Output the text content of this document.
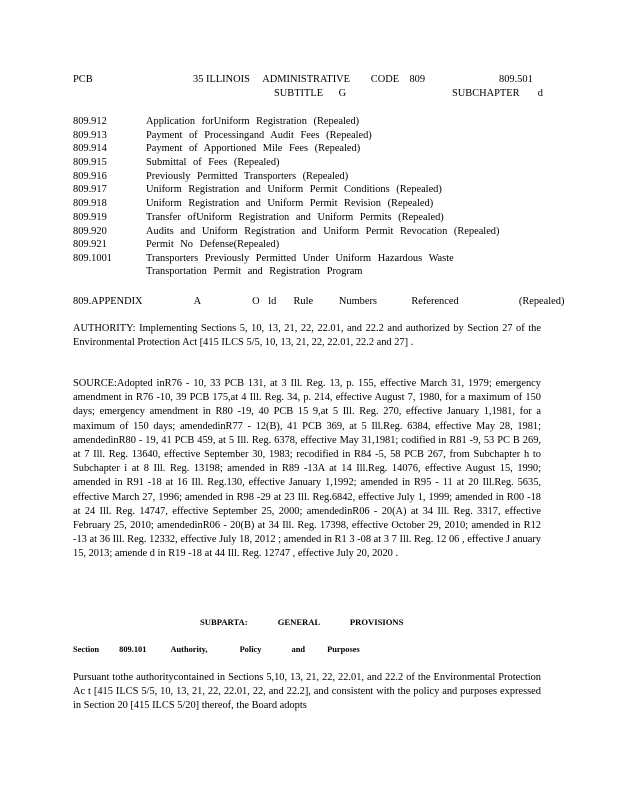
PCB	35 ILLINOIS     ADMINISTRATIVE        CODE    809	809.501
SUBTITLE      G	SUBCHAPTER       d
809.912	Application forUniform Registration (Repealed)
809.913	Payment of Processingand Audit Fees (Repealed)
809.914	Payment of Apportioned Mile Fees (Repealed)
809.915	Submittal of Fees (Repealed)
809.916	Previously Permitted Transporters (Repealed)
809.917	Uniform Registration and Uniform Permit Conditions (Repealed)
809.918	Uniform Registration and Uniform Permit Revision (Repealed)
809.919	Transfer ofUniform Registration and Uniform Permits (Repealed)
809.920	Audits and Uniform Registration and Uniform Permit Revocation (Repealed)
809.921	Permit No Defense(Repealed)
809.1001	Transporters Previously Permitted Under Uniform Hazardous Waste Transportation Permit and Registration Program
809.APPENDIX      A      O ld  Rule   Numbers    Referenced       (Repealed)
AUTHORITY: Implementing Sections 5, 10, 13, 21, 22, 22.01, and 22.2 and authorized by Section 27 of the Environmental Protection Act [415 ILCS 5/5, 10, 13, 21, 22, 22.01, 22.2 and 27] .
SOURCE:Adopted inR76 - 10, 33 PCB 131, at 3 Ill. Reg. 13, p. 155, effective March 31, 1979; emergency amendment in R76 -10, 39 PCB 175,at 4 Ill. Reg. 34, p. 214, effective August 7, 1980, for a maximum of 150 days; emergency amendment in R80 -19, 40 PCB 15 9,at 5 Ill. Reg. 270, effective January 1,1981, for a maximum of 150 days; amendedinR77 - 12(B), 41 PCB 369, at 5 Ill.Reg. 6384, effective May 28, 1981; amendedinR80 - 19, 41 PCB 459, at 5 Ill. Reg. 6378, effective May 31,1981; codified in R81 -9, 53 PC B 269, at 7 Ill. Reg. 13640, effective September 30, 1983; recodified in R84 -5, 58 PCB 267, from Subchapter h to Subchapter i at 8 Ill. Reg. 13198; amended in R89 -13A at 14 Ill.Reg. 14076, effective August 15, 1990; amended in R91 -18 at 16 Ill. Reg.130, effective January 1,1992; amended in R95 - 11 at 20 Ill.Reg. 5635, effective March 27, 1996; amended in R98 -29 at 23 Ill. Reg.6842, effective July 1, 1999; amended in R00 -18 at 24 Ill. Reg. 14747, effective September 25, 2000; amendedinR06 - 20(A) at 34 Ill. Reg. 3317, effective February 25, 2010; amendedinR06 - 20(B) at 34 Ill. Reg. 17398, effective October 29, 2010; amended in R12 -13 at 36 Ill. Reg. 12332, effective July 18, 2012 ; amended in R1 3 -08 at 3 7 Ill. Reg. 12 06 , effective J anuary 15, 2013; amende d in R19 -18 at 44 Ill. Reg. 12747 , effective July 20, 2020 .
SUBPARTA: GENERAL PROVISIONS
Section 809.101	Authority,	Policy	and	Purposes
Pursuant tothe authoritycontained in Sections 5,10, 13, 21, 22, 22.01, and 22.2 of the Environmental Protection Ac t [415 ILCS 5/5, 10, 13, 21, 22, 22.01, 22, and 22.2], and consistent with the policy and purposes expressed in Section 20 [415 ILCS 5/20] thereof, the Board adopts
